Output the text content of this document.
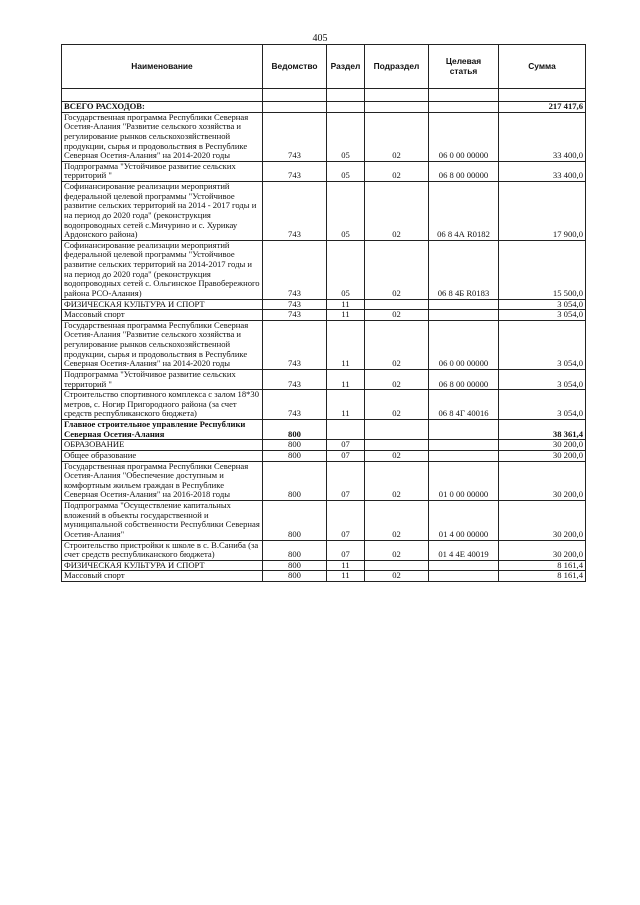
405
Наименование	Ведомство	Раздел	Подраздел	Целевая статья	Сумма

ВСЕГО РАСХОДОВ:					217 417,6
Государственная программа Республики Северная Осетия-Алания "Развитие сельского хозяйства и регулирование рынков сельскохозяйственной продукции, сырья и продовольствия в Республике Северная Осетия-Алания" на 2014-2020 годы	743	05	02	06 0 00 00000	33 400,0
Подпрограмма "Устойчивое развитие сельских территорий "	743	05	02	06 8 00 00000	33 400,0
Софинансирование реализации мероприятий федеральной целевой программы "Устойчивое развитие сельских территорий на 2014 - 2017 годы и на период до 2020 года" (реконструкция водопроводных сетей с.Мичурино и с. Хурикау Ардонского района)	743	05	02	06 8 4А R0182	17 900,0
Софинансирование реализации мероприятий федеральной целевой программы "Устойчивое развитие сельских территорий на 2014-2017 годы и на период до 2020 года" (реконструкция водопроводных сетей с. Ольгинское Правобережного района РСО-Алания)	743	05	02	06 8 4Б R0183	15 500,0
ФИЗИЧЕСКАЯ КУЛЬТУРА И СПОРТ	743	11			3 054,0
Массовый спорт	743	11	02		3 054,0
Государственная программа Республики Северная Осетия-Алания "Развитие сельского хозяйства и регулирование рынков сельскохозяйственной продукции, сырья и продовольствия в Республике Северная Осетия-Алания" на 2014-2020 годы	743	11	02	06 0 00 00000	3 054,0
Подпрограмма "Устойчивое развитие сельских территорий "	743	11	02	06 8 00 00000	3 054,0
Строительство спортивного комплекса с залом 18*30 метров, с. Ногир Пригородного района (за счет средств республиканского бюджета)	743	11	02	06 8 4Г 40016	3 054,0
Главное строительное управление Республики Северная Осетия-Алания	800				38 361,4
ОБРАЗОВАНИЕ	800	07			30 200,0
Общее образование	800	07	02		30 200,0
Государственная программа Республики Северная Осетия-Алания "Обеспечение доступным и комфортным жильем граждан в Республике Северная Осетия-Алания" на 2016-2018 годы	800	07	02	01 0 00 00000	30 200,0
Подпрограмма "Осуществление капитальных вложений в объекты государственной и муниципальной собственности Республики Северная Осетия-Алания"	800	07	02	01 4 00 00000	30 200,0
Строительство пристройки к школе в с. В.Саниба (за счет средств республиканского бюджета)	800	07	02	01 4 4Е 40019	30 200,0
ФИЗИЧЕСКАЯ КУЛЬТУРА И СПОРТ	800	11			8 161,4
Массовый спорт	800	11	02		8 161,4
